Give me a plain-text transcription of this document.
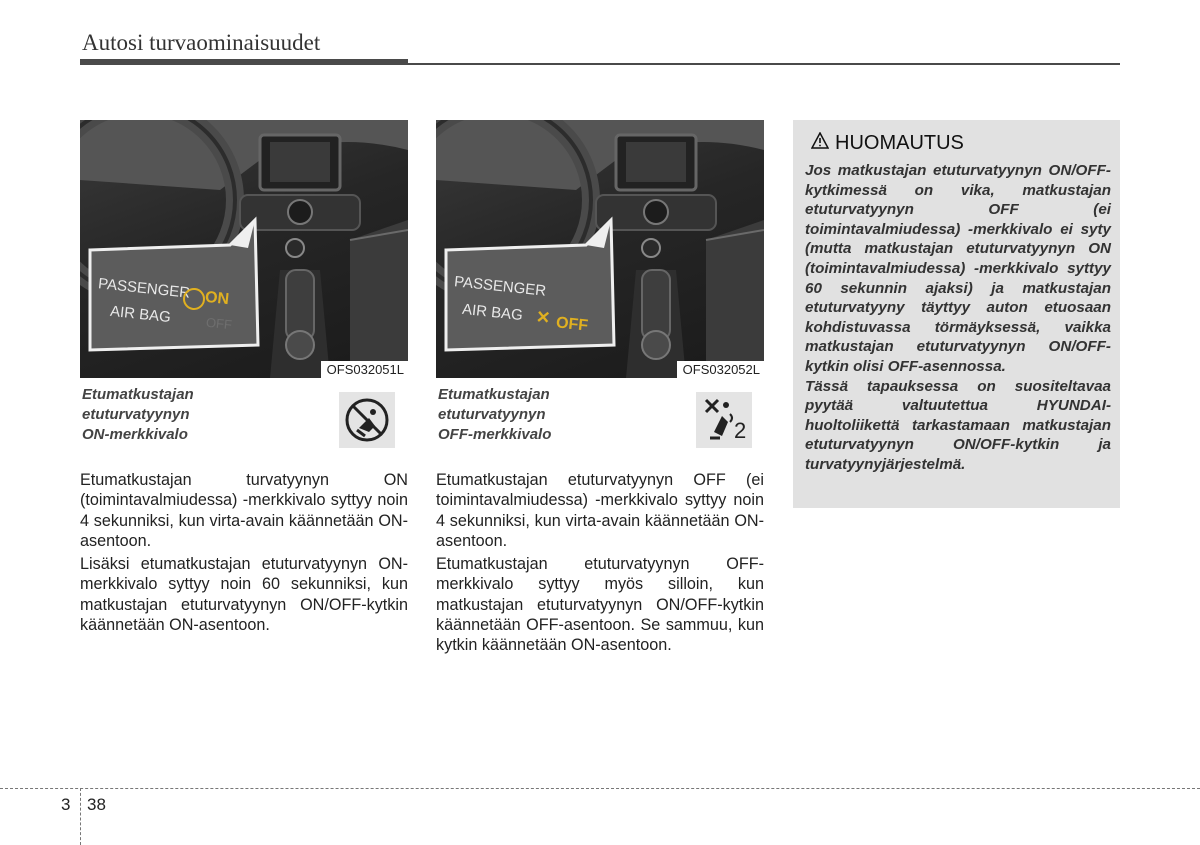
Autosi turvaominaisuudet
PASSENGER
AIR BAG
ON
OFF
OFS032051L
Etumatkustajan
etuturvatyynyn
ON-merkkivalo
PASSENGER
AIR BAG ✕ OFF
OFS032052L
Etumatkustajan
etuturvatyynyn
OFF-merkkivalo	2

Etumatkustajan turvatyynyn ON (toimintavalmiudessa) -merkkivalo syttyy noin 4 sekunniksi, kun virta-avain käännetään ON-asentoon.

Lisäksi etumatkustajan etuturvatyynyn ON-merkkivalo syttyy noin 60 sekunniksi, kun matkustajan etuturvatyynyn ON/OFF-kytkin käännetään ON-asentoon.

Etumatkustajan etuturvatyynyn OFF (ei toimintavalmiudessa) -merkkivalo syttyy noin 4 sekunniksi, kun virta-avain käännetään ON-asentoon.

Etumatkustajan etuturvatyynyn OFF-merkkivalo syttyy myös silloin, kun matkustajan etuturvatyynyn ON/OFF-kytkin käännetään OFF-asentoon. Se sammuu, kun kytkin käännetään ON-asentoon.

HUOMAUTUS

Jos matkustajan etuturvatyynyn ON/OFF-kytkimessä on vika, matkustajan etuturvatyynyn OFF (ei toimintavalmiudessa) -merkkivalo ei syty (mutta matkustajan etuturvatyynyn ON (toimintavalmiudessa) -merkkivalo syttyy 60 sekunnin ajaksi) ja matkustajan etuturvatyyny täyttyy auton etuosaan kohdistuvassa törmäyksessä, vaikka matkustajan etuturvatyynyn ON/OFF-kytkin olisi OFF-asennossa.

Tässä tapauksessa on suositeltavaa pyytää valtuutettua HYUNDAI-huoltoliikettä tarkastamaan matkustajan etuturvatyynyn ON/OFF-kytkin ja turvatyynyjärjestelmä.

3 38
